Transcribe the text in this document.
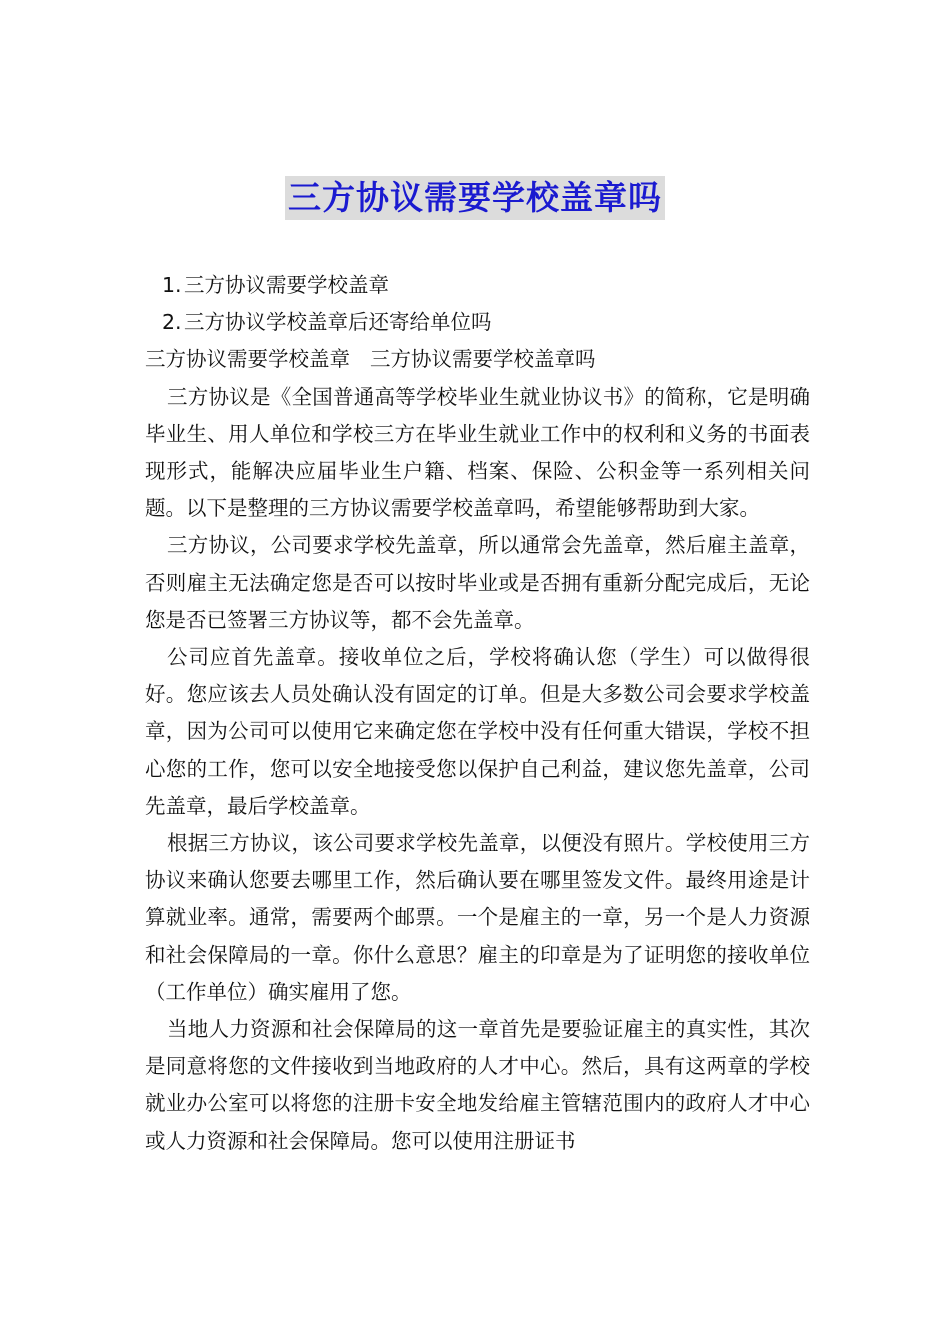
三方协议需要学校盖章吗
1. 三方协议需要学校盖章
2. 三方协议学校盖章后还寄给单位吗
三方协议需要学校盖章 三方协议需要学校盖章吗

三方协议是《全国普通高等学校毕业生就业协议书》的简称，它是明确毕业生、用人单位和学校三方在毕业生就业工作中的权利和义务的书面表现形式，能解决应届毕业生户籍、档案、保险、公积金等一系列相关问题。以下是整理的三方协议需要学校盖章吗，希望能够帮助到大家。

三方协议，公司要求学校先盖章，所以通常会先盖章，然后雇主盖章，否则雇主无法确定您是否可以按时毕业或是否拥有重新分配完成后，无论您是否已签署三方协议等，都不会先盖章。

公司应首先盖章。接收单位之后，学校将确认您（学生）可以做得很好。您应该去人员处确认没有固定的订单。但是大多数公司会要求学校盖章，因为公司可以使用它来确定您在学校中没有任何重大错误，学校不担心您的工作，您可以安全地接受您以保护自己利益，建议您先盖章，公司先盖章，最后学校盖章。

根据三方协议，该公司要求学校先盖章，以便没有照片。学校使用三方协议来确认您要去哪里工作，然后确认要在哪里签发文件。最终用途是计算就业率。通常，需要两个邮票。一个是雇主的一章，另一个是人力资源和社会保障局的一章。你什么意思？雇主的印章是为了证明您的接收单位（工作单位）确实雇用了您。

当地人力资源和社会保障局的这一章首先是要验证雇主的真实性，其次是同意将您的文件接收到当地政府的人才中心。然后，具有这两章的学校就业办公室可以将您的注册卡安全地发给雇主管辖范围内的政府人才中心或人力资源和社会保障局。您可以使用注册证书
